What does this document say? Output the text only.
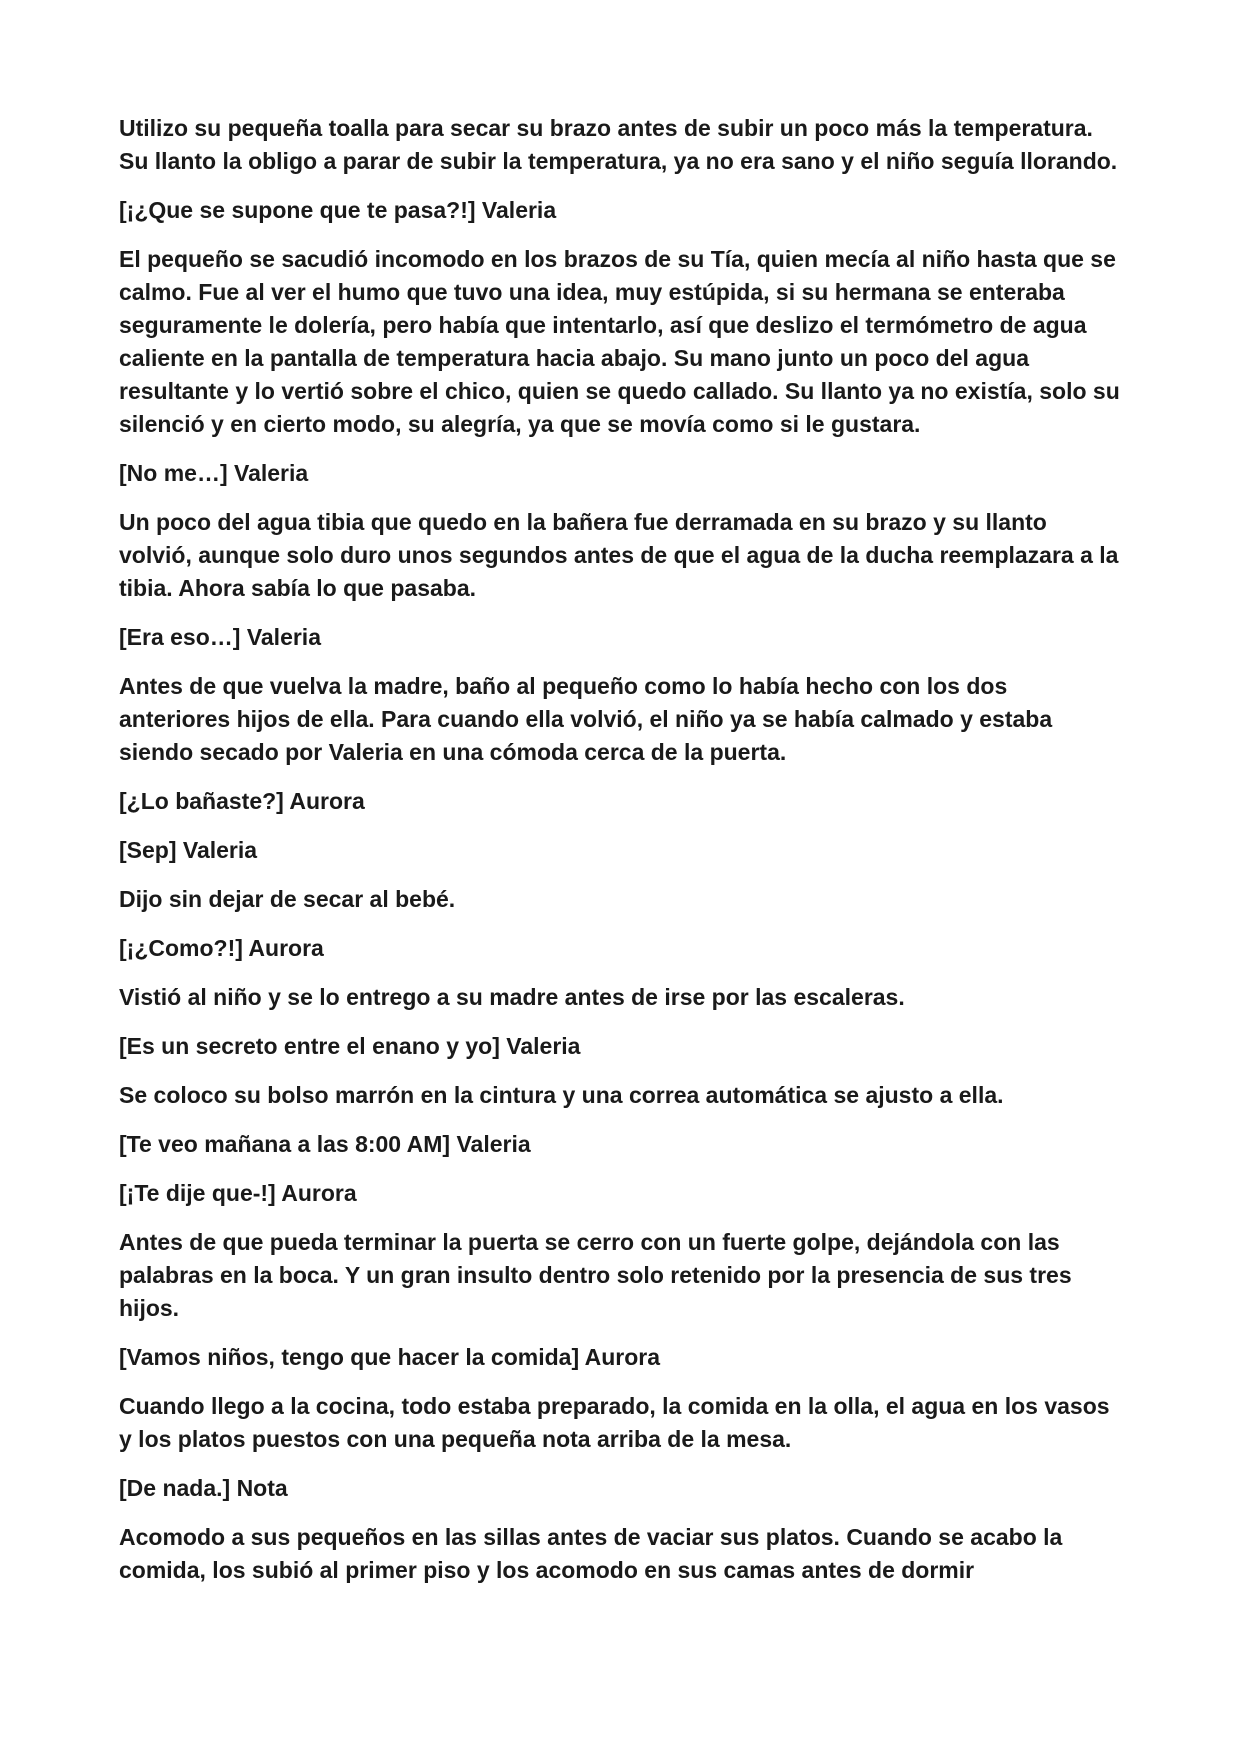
Utilizo su pequeña toalla para secar su brazo antes de subir un poco más la temperatura. Su llanto la obligo a parar de subir la temperatura, ya no era sano y el niño seguía llorando.

[¡¿Que se supone que te pasa?!] Valeria

El pequeño se sacudió incomodo en los brazos de su Tía, quien mecía al niño hasta que se calmo. Fue al ver el humo que tuvo una idea, muy estúpida, si su hermana se enteraba seguramente le dolería, pero había que intentarlo, así que deslizo el termómetro de agua caliente en la pantalla de temperatura hacia abajo. Su mano junto un poco del agua resultante y lo vertió sobre el chico, quien se quedo callado. Su llanto ya no existía, solo su silenció y en cierto modo, su alegría, ya que se movía como si le gustara.

[No me…] Valeria

Un poco del agua tibia que quedo en la bañera fue derramada en su brazo y su llanto volvió, aunque solo duro unos segundos antes de que el agua de la ducha reemplazara a la tibia. Ahora sabía lo que pasaba.

[Era eso…] Valeria

Antes de que vuelva la madre, baño al pequeño como lo había hecho con los dos anteriores hijos de ella. Para cuando ella volvió, el niño ya se había calmado y estaba siendo secado por Valeria en una cómoda cerca de la puerta.

[¿Lo bañaste?] Aurora

[Sep] Valeria

Dijo sin dejar de secar al bebé.

[¡¿Como?!] Aurora

Vistió al niño y se lo entrego a su madre antes de irse por las escaleras.

[Es un secreto entre el enano y yo] Valeria

Se coloco su bolso marrón en la cintura y una correa automática se ajusto a ella.

[Te veo mañana a las 8:00 AM] Valeria

[¡Te dije que-!] Aurora

Antes de que pueda terminar la puerta se cerro con un fuerte golpe, dejándola con las palabras en la boca. Y un gran insulto dentro solo retenido por la presencia de sus tres hijos.

[Vamos niños, tengo que hacer la comida] Aurora

Cuando llego a la cocina, todo estaba preparado, la comida en la olla, el agua en los vasos y los platos puestos con una pequeña nota arriba de la mesa.

[De nada.] Nota

Acomodo a sus pequeños en las sillas antes de vaciar sus platos. Cuando se acabo la comida, los subió al primer piso y los acomodo en sus camas antes de dormir
